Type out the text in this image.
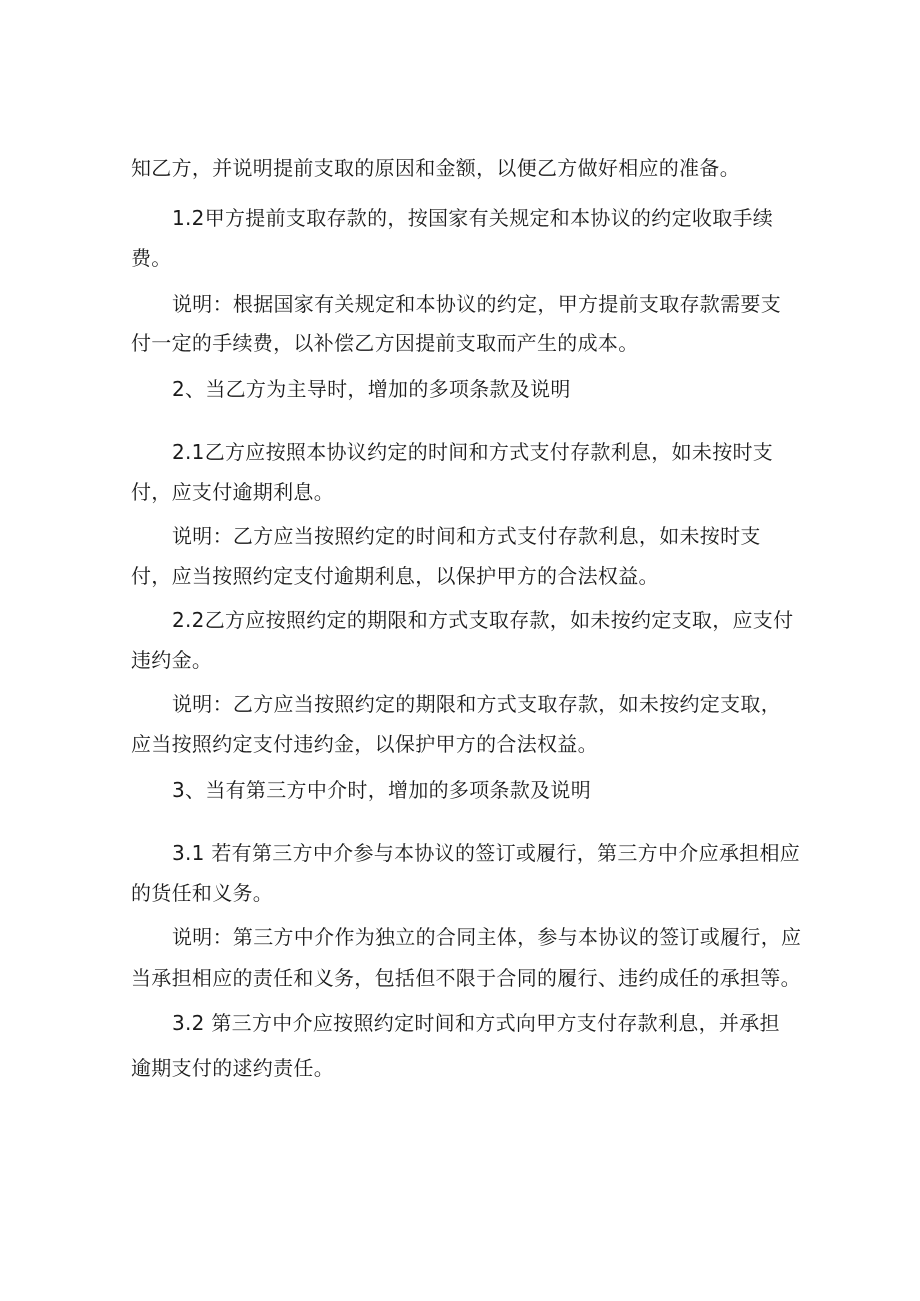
知乙方，并说明提前支取的原因和金额，以便乙方做好相应的准备。
1.2甲方提前支取存款的，按国家有关规定和本协议的约定收取手续
费。
说明：根据国家有关规定和本协议的约定，甲方提前支取存款需要支
付一定的手续费，以补偿乙方因提前支取而产生的成本。
2、当乙方为主导时，增加的多项条款及说明
2.1乙方应按照本协议约定的时间和方式支付存款利息，如未按时支
付，应支付逾期利息。
说明：乙方应当按照约定的时间和方式支付存款利息，如未按时支
付，应当按照约定支付逾期利息，以保护甲方的合法权益。
2.2乙方应按照约定的期限和方式支取存款，如未按约定支取，应支付
违约金。
说明：乙方应当按照约定的期限和方式支取存款，如未按约定支取，
应当按照约定支付违约金，以保护甲方的合法权益。
3、当有第三方中介时，增加的多项条款及说明
3.1 若有第三方中介参与本协议的签订或履行，第三方中介应承担相应
的货任和义务。
说明：第三方中介作为独立的合同主体，参与本协议的签订或履行，应
当承担相应的责任和义务，包括但不限于合同的履行、违约成任的承担等。
3.2 第三方中介应按照约定时间和方式向甲方支付存款利息，并承担
逾期支付的逑约责任。
